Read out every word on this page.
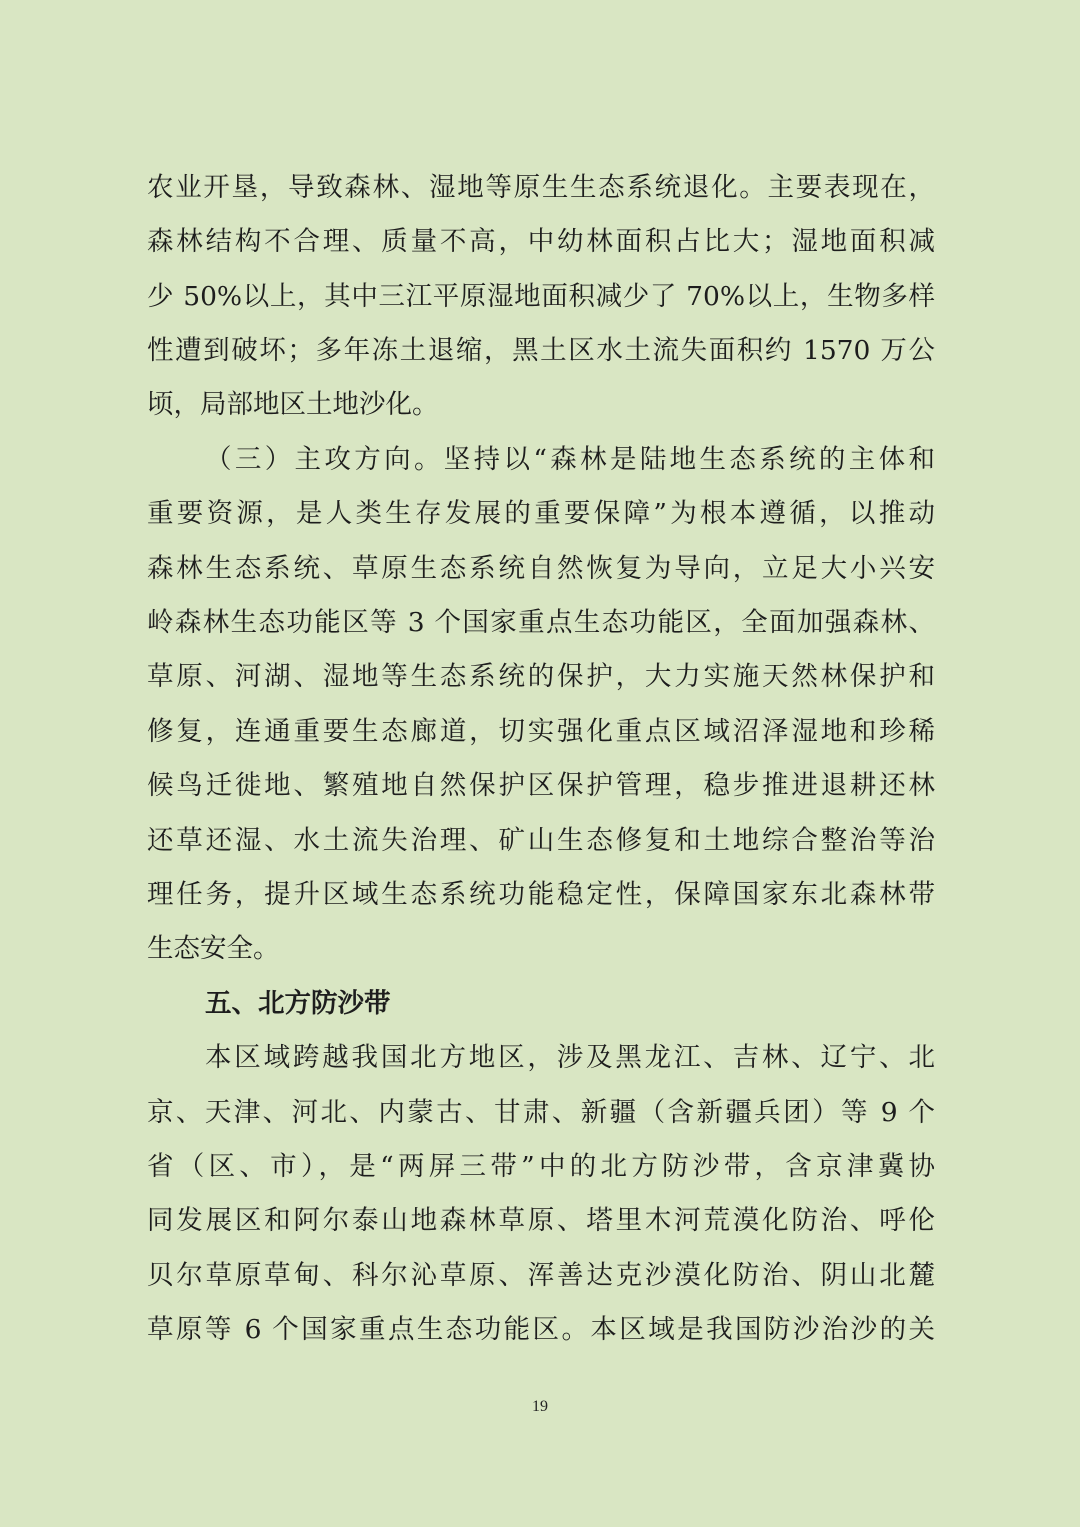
农业开垦，导致森林、湿地等原生生态系统退化。主要表现在，
森林结构不合理、质量不高，中幼林面积占比大；湿地面积减
少 50%以上，其中三江平原湿地面积减少了 70%以上，生物多样
性遭到破坏；多年冻土退缩，黑土区水土流失面积约 1570 万公
顷，局部地区土地沙化。
（三）主攻方向。坚持以“森林是陆地生态系统的主体和
重要资源，是人类生存发展的重要保障”为根本遵循，以推动
森林生态系统、草原生态系统自然恢复为导向，立足大小兴安
岭森林生态功能区等 3 个国家重点生态功能区，全面加强森林、
草原、河湖、湿地等生态系统的保护，大力实施天然林保护和
修复，连通重要生态廊道，切实强化重点区域沼泽湿地和珍稀
候鸟迁徙地、繁殖地自然保护区保护管理，稳步推进退耕还林
还草还湿、水土流失治理、矿山生态修复和土地综合整治等治
理任务，提升区域生态系统功能稳定性，保障国家东北森林带
生态安全。
五、北方防沙带
本区域跨越我国北方地区，涉及黑龙江、吉林、辽宁、北
京、天津、河北、内蒙古、甘肃、新疆（含新疆兵团）等 9 个
省（区、市），是“两屏三带”中的北方防沙带，含京津冀协
同发展区和阿尔泰山地森林草原、塔里木河荒漠化防治、呼伦
贝尔草原草甸、科尔沁草原、浑善达克沙漠化防治、阴山北麓
草原等 6 个国家重点生态功能区。本区域是我国防沙治沙的关
19
